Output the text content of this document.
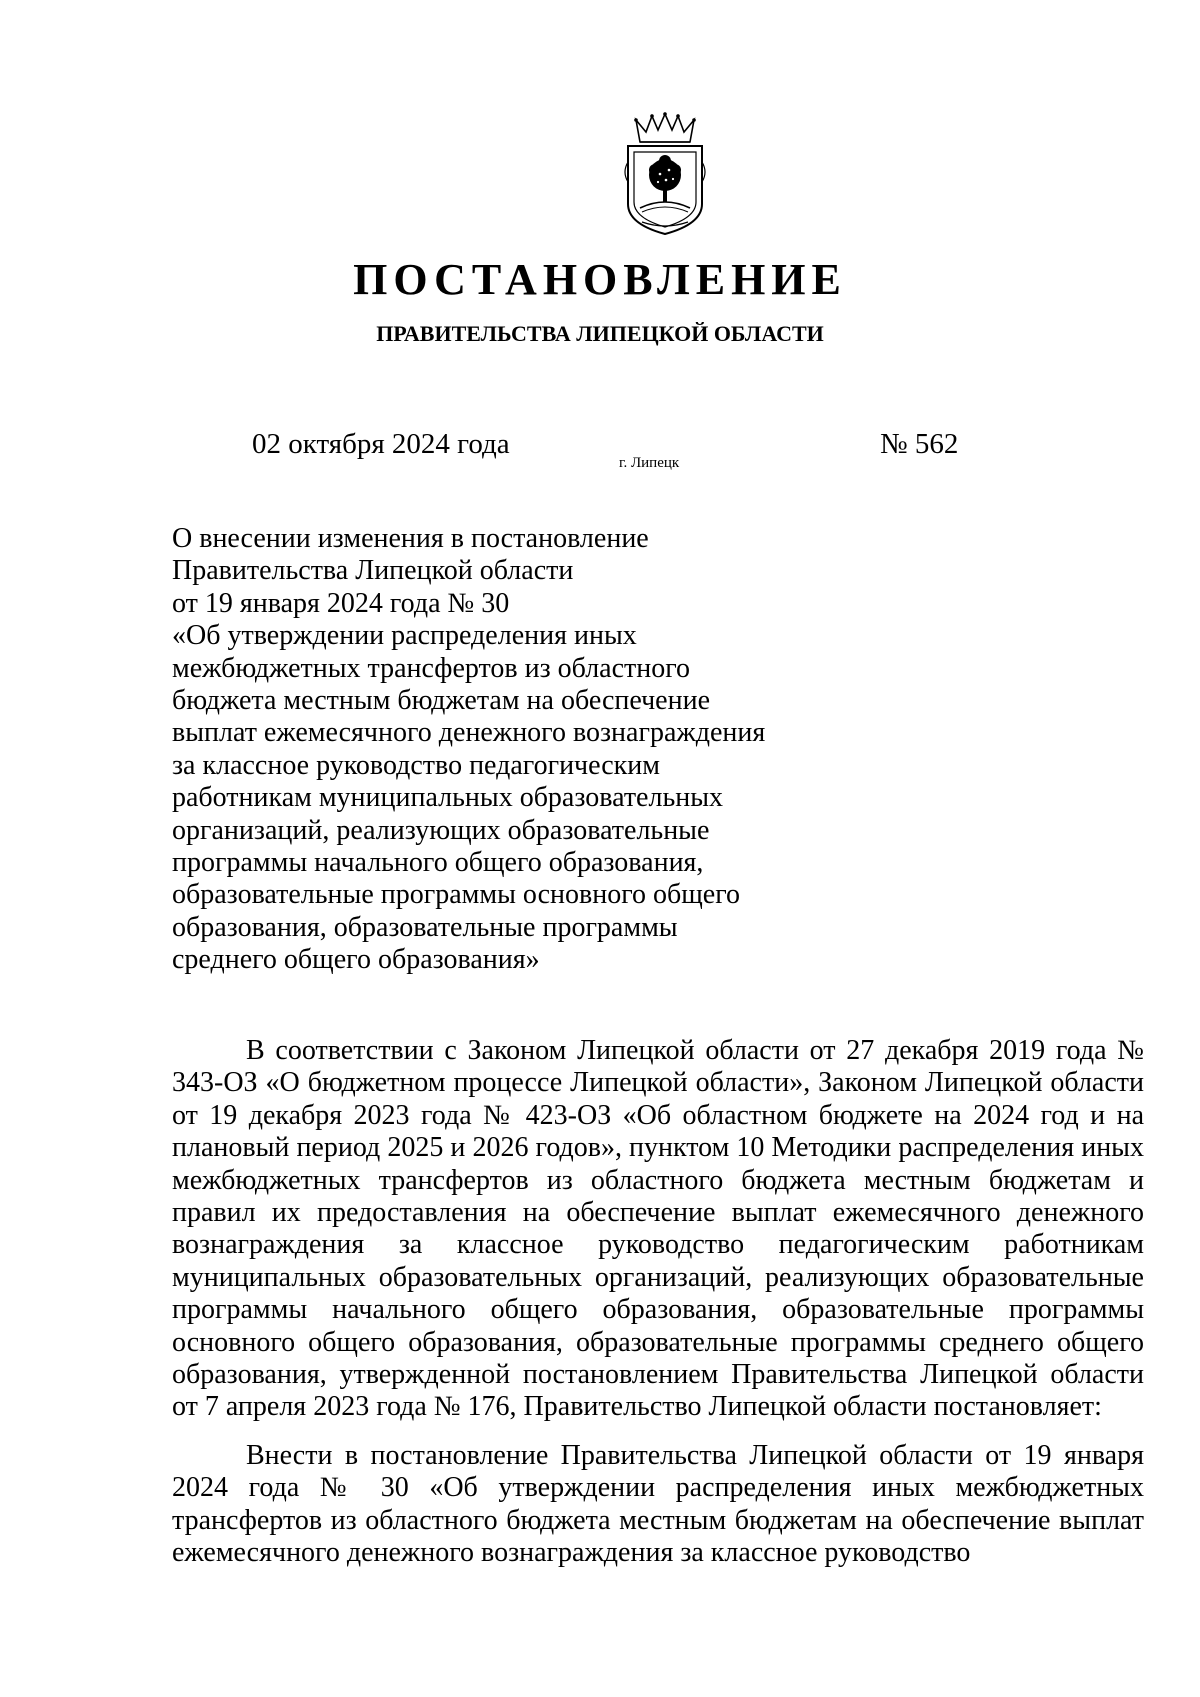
ПОСТАНОВЛЕНИЕ
ПРАВИТЕЛЬСТВА ЛИПЕЦКОЙ ОБЛАСТИ
02 октября 2024 года
г. Липецк
№ 562
О внесении изменения в постановление
Правительства Липецкой области
от 19 января 2024 года № 30
«Об утверждении распределения иных
межбюджетных трансфертов из областного
бюджета местным бюджетам на обеспечение
выплат ежемесячного денежного вознаграждения
за классное руководство педагогическим
работникам муниципальных образовательных
организаций, реализующих образовательные
программы начального общего образования,
образовательные программы основного общего
образования, образовательные программы
среднего общего образования»

В соответствии с Законом Липецкой области от 27 декабря 2019 года № 343-ОЗ «О бюджетном процессе Липецкой области», Законом Липецкой области от 19 декабря 2023 года № 423-ОЗ «Об областном бюджете на 2024 год и на плановый период 2025 и 2026 годов», пунктом 10 Методики распределения иных межбюджетных трансфертов из областного бюджета местным бюджетам и правил их предоставления на обеспечение выплат ежемесячного денежного вознаграждения за классное руководство педагогическим работникам муниципальных образовательных организаций, реализующих образовательные программы начального общего образования, образовательные программы основного общего образования, образовательные программы среднего общего образования, утвержденной постановлением Правительства Липецкой области от 7 апреля 2023 года № 176, Правительство Липецкой области постановляет:

Внести в постановление Правительства Липецкой области от 19 января 2024 года № 30 «Об утверждении распределения иных межбюджетных трансфертов из областного бюджета местным бюджетам на обеспечение выплат ежемесячного денежного вознаграждения за классное руководство
